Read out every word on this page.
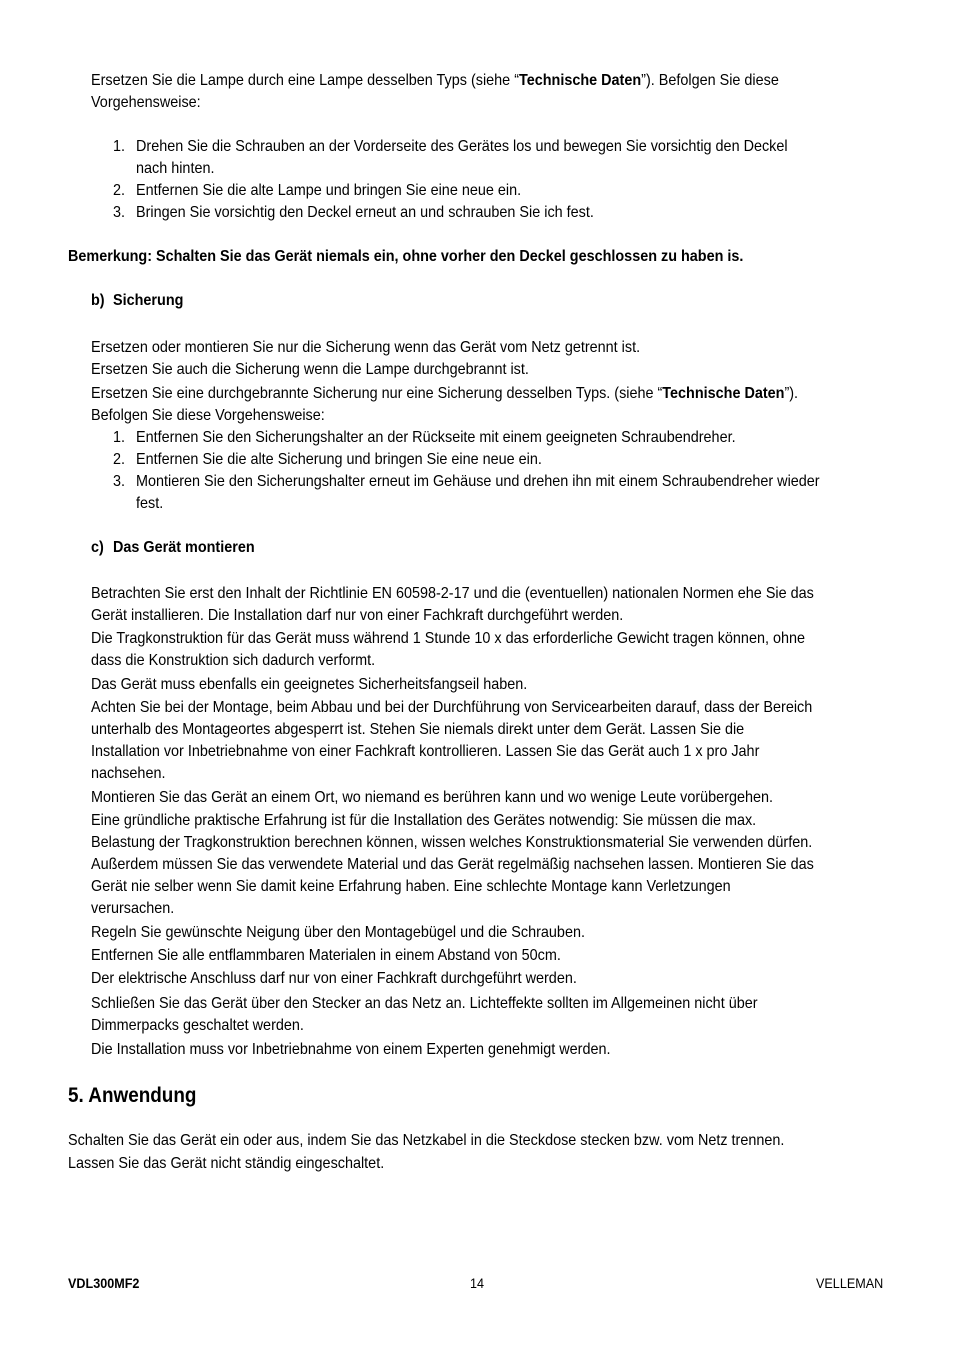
Ersetzen Sie die Lampe durch eine Lampe desselben Typs (siehe “Technische Daten”). Befolgen Sie diese
Vorgehensweise:
1. Drehen Sie die Schrauben an der Vorderseite des Gerätes los und bewegen Sie vorsichtig den Deckel
nach hinten.
2. Entfernen Sie die alte Lampe und bringen Sie eine neue ein.
3. Bringen Sie vorsichtig den Deckel erneut an und schrauben Sie ich fest.
Bemerkung: Schalten Sie das Gerät niemals ein, ohne vorher den Deckel geschlossen zu haben is.
b) Sicherung
Ersetzen oder montieren Sie nur die Sicherung wenn das Gerät vom Netz getrennt ist.
Ersetzen Sie auch die Sicherung wenn die Lampe durchgebrannt ist.
Ersetzen Sie eine durchgebrannte Sicherung nur eine Sicherung desselben Typs. (siehe “Technische Daten”).
Befolgen Sie diese Vorgehensweise:
1. Entfernen Sie den Sicherungshalter an der Rückseite mit einem geeigneten Schraubendreher.
2. Entfernen Sie die alte Sicherung und bringen Sie eine neue ein.
3. Montieren Sie den Sicherungshalter erneut im Gehäuse und drehen ihn mit einem Schraubendreher wieder
fest.
c) Das Gerät montieren
Betrachten Sie erst den Inhalt der Richtlinie EN 60598-2-17 und die (eventuellen) nationalen Normen ehe Sie das
Gerät installieren. Die Installation darf nur von einer Fachkraft durchgeführt werden.
Die Tragkonstruktion für das Gerät muss während 1 Stunde 10 x das erforderliche Gewicht tragen können, ohne
dass die Konstruktion sich dadurch verformt.
Das Gerät muss ebenfalls ein geeignetes Sicherheitsfangseil haben.
Achten Sie bei der Montage, beim Abbau und bei der Durchführung von Servicearbeiten darauf, dass der Bereich
unterhalb des Montageortes abgesperrt ist. Stehen Sie niemals direkt unter dem Gerät. Lassen Sie die
Installation vor Inbetriebnahme von einer Fachkraft kontrollieren. Lassen Sie das Gerät auch 1 x pro Jahr
nachsehen.
Montieren Sie das Gerät an einem Ort, wo niemand es berühren kann und wo wenige Leute vorübergehen.
Eine gründliche praktische Erfahrung ist für die Installation des Gerätes notwendig: Sie müssen die max.
Belastung der Tragkonstruktion berechnen können, wissen welches Konstruktionsmaterial Sie verwenden dürfen.
Außerdem müssen Sie das verwendete Material und das Gerät regelmäßig nachsehen lassen. Montieren Sie das
Gerät nie selber wenn Sie damit keine Erfahrung haben. Eine schlechte Montage kann Verletzungen
verursachen.
Regeln Sie gewünschte Neigung über den Montagebügel und die Schrauben.
Entfernen Sie alle entflammbaren Materialen in einem Abstand von 50cm.
Der elektrische Anschluss darf nur von einer Fachkraft durchgeführt werden.
Schließen Sie das Gerät über den Stecker an das Netz an. Lichteffekte sollten im Allgemeinen nicht über
Dimmerpacks geschaltet werden.
Die Installation muss vor Inbetriebnahme von einem Experten genehmigt werden.
5. Anwendung
Schalten Sie das Gerät ein oder aus, indem Sie das Netzkabel in die Steckdose stecken bzw. vom Netz trennen.
Lassen Sie das Gerät nicht ständig eingeschaltet.
VDL300MF2	14	VELLEMAN
